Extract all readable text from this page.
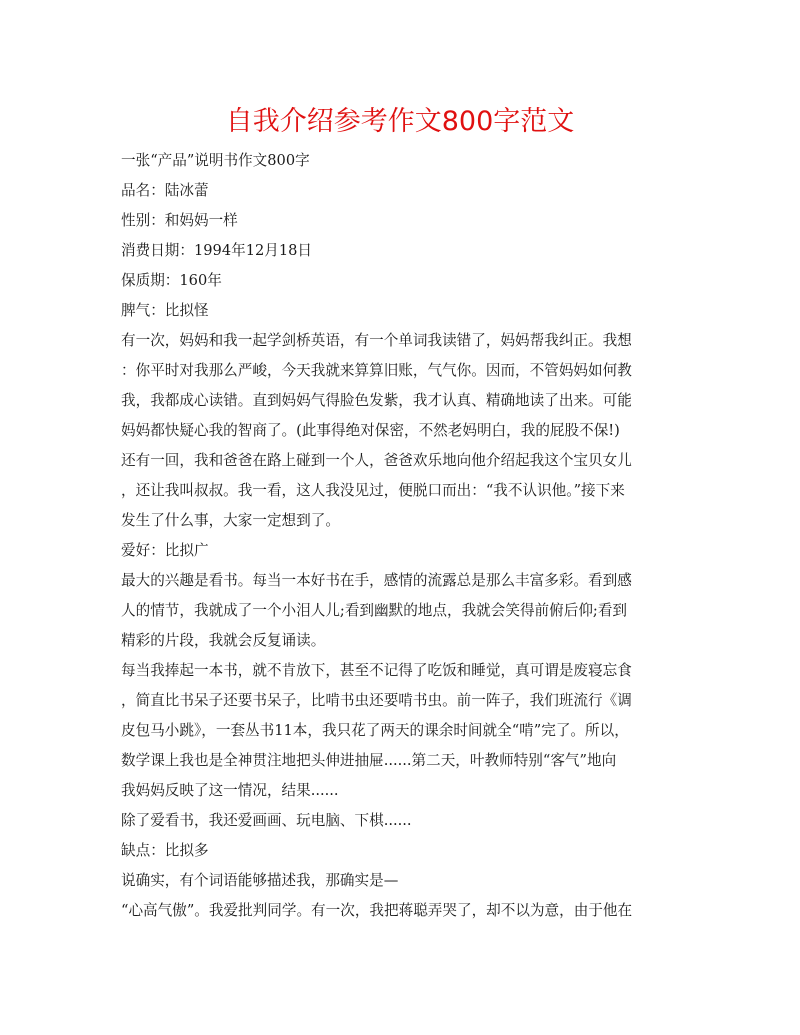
自我介绍参考作文800字范文
一张“产品”说明书作文800字
品名：陆冰蕾
性别：和妈妈一样
消费日期：1994年12月18日
保质期：160年
脾气：比拟怪
有一次，妈妈和我一起学剑桥英语，有一个单词我读错了，妈妈帮我纠正。我想
：你平时对我那么严峻，今天我就来算算旧账，气气你。因而，不管妈妈如何教
我，我都成心读错。直到妈妈气得脸色发紫，我才认真、精确地读了出来。可能
妈妈都快疑心我的智商了。(此事得绝对保密，不然老妈明白，我的屁股不保!)
还有一回，我和爸爸在路上碰到一个人，爸爸欢乐地向他介绍起我这个宝贝女儿
，还让我叫叔叔。我一看，这人我没见过，便脱口而出：“我不认识他。”接下来
发生了什么事，大家一定想到了。
爱好：比拟广
最大的兴趣是看书。每当一本好书在手，感情的流露总是那么丰富多彩。看到感
人的情节，我就成了一个小泪人儿;看到幽默的地点，我就会笑得前俯后仰;看到
精彩的片段，我就会反复诵读。
每当我捧起一本书，就不肯放下，甚至不记得了吃饭和睡觉，真可谓是废寝忘食
，简直比书呆子还要书呆子，比啃书虫还要啃书虫。前一阵子，我们班流行《调
皮包马小跳》，一套丛书11本，我只花了两天的课余时间就全“啃”完了。所以，
数学课上我也是全神贯注地把头伸进抽屉......第二天，叶教师特别“客气”地向
我妈妈反映了这一情况，结果......
除了爱看书，我还爱画画、玩电脑、下棋......
缺点：比拟多
说确实，有个词语能够描述我，那确实是—
“心高气傲”。我爱批判同学。有一次，我把蒋聪弄哭了，却不以为意，由于他在
